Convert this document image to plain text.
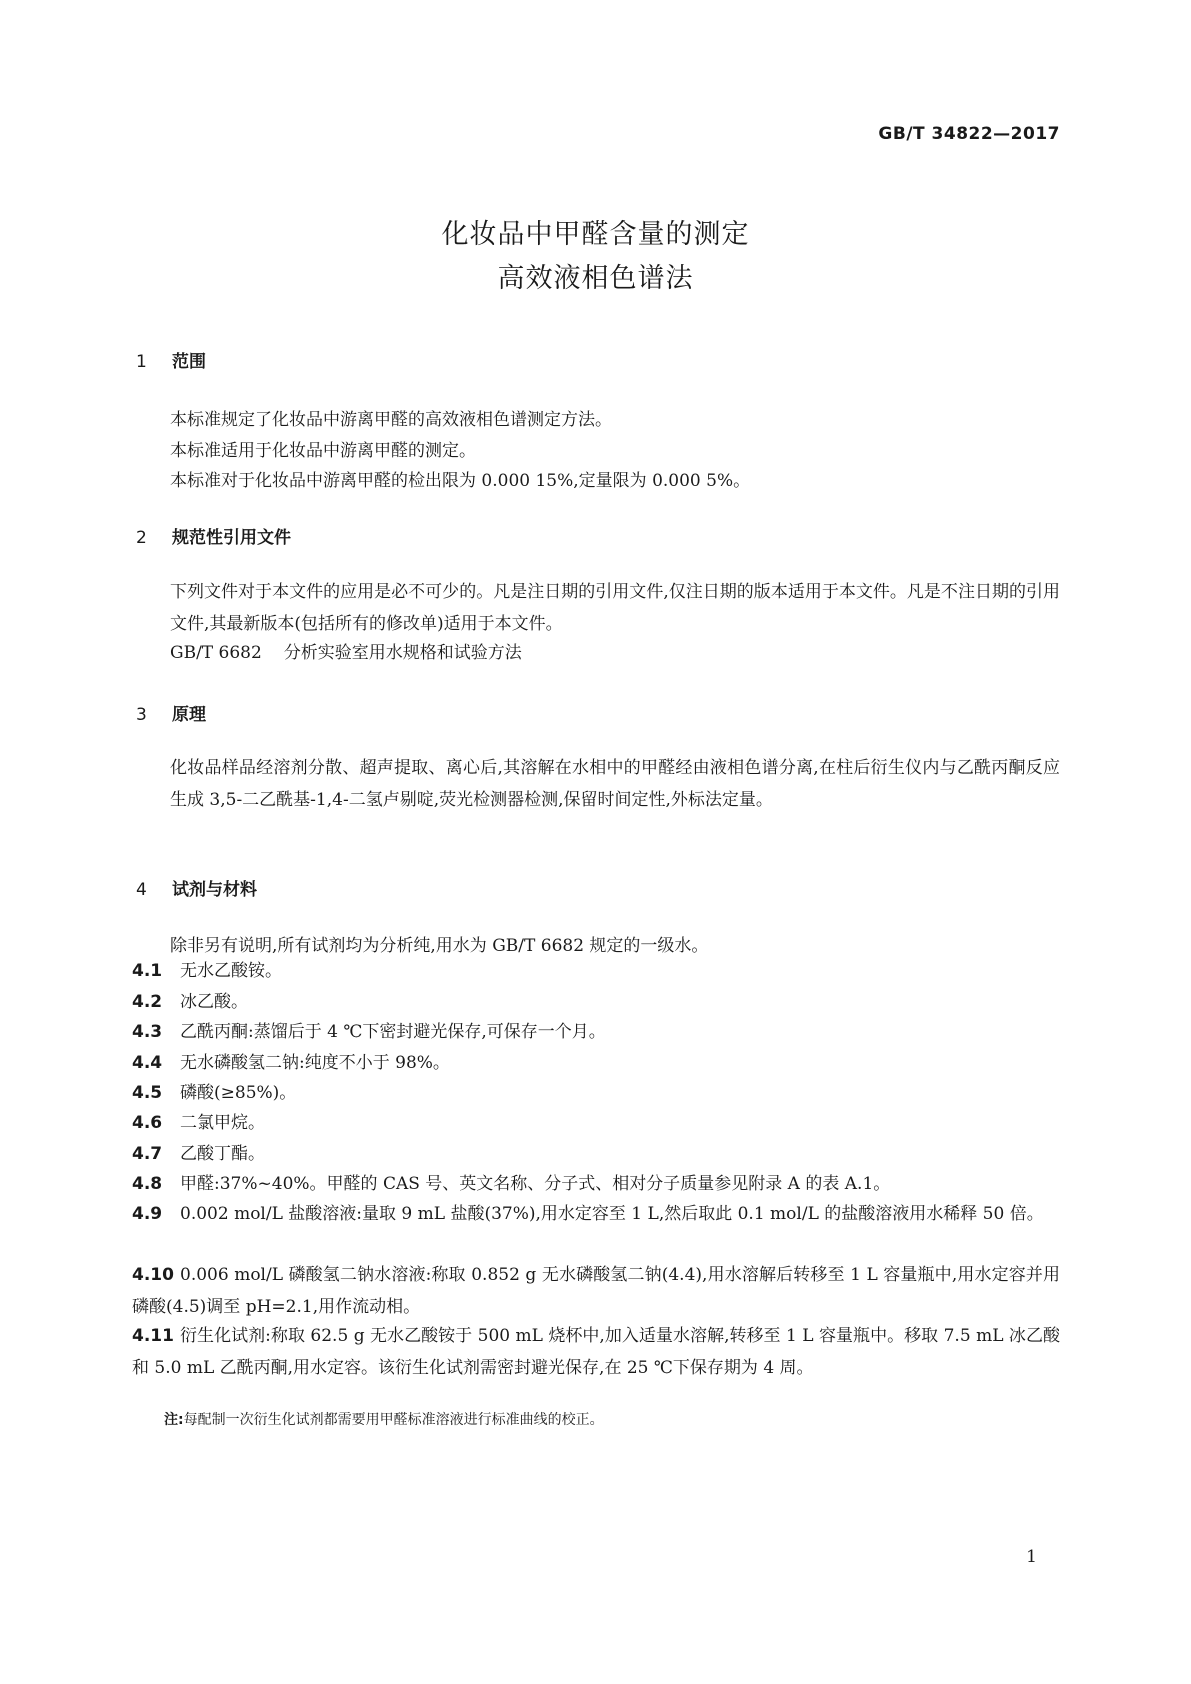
GB/T 34822—2017
化妆品中甲醛含量的测定
高效液相色谱法
1 范围
本标准规定了化妆品中游离甲醛的高效液相色谱测定方法。
本标准适用于化妆品中游离甲醛的测定。
本标准对于化妆品中游离甲醛的检出限为 0.000 15%,定量限为 0.000 5%。
2 规范性引用文件
下列文件对于本文件的应用是必不可少的。凡是注日期的引用文件,仅注日期的版本适用于本文件。凡是不注日期的引用文件,其最新版本(包括所有的修改单)适用于本文件。
GB/T 6682 分析实验室用水规格和试验方法
3 原理
化妆品样品经溶剂分散、超声提取、离心后,其溶解在水相中的甲醛经由液相色谱分离,在柱后衍生仪内与乙酰丙酮反应生成 3,5-二乙酰基-1,4-二氢卢剔啶,荧光检测器检测,保留时间定性,外标法定量。
4 试剂与材料
除非另有说明,所有试剂均为分析纯,用水为 GB/T 6682 规定的一级水。
4.1 无水乙酸铵。
4.2 冰乙酸。
4.3 乙酰丙酮:蒸馏后于 4 ℃下密封避光保存,可保存一个月。
4.4 无水磷酸氢二钠:纯度不小于 98%。
4.5 磷酸(≥85%)。
4.6 二氯甲烷。
4.7 乙酸丁酯。
4.8 甲醛:37%~40%。甲醛的 CAS 号、英文名称、分子式、相对分子质量参见附录 A 的表 A.1。
4.9 0.002 mol/L 盐酸溶液:量取 9 mL 盐酸(37%),用水定容至 1 L,然后取此 0.1 mol/L 的盐酸溶液用水稀释 50 倍。
4.10 0.006 mol/L 磷酸氢二钠水溶液:称取 0.852 g 无水磷酸氢二钠(4.4),用水溶解后转移至 1 L 容量瓶中,用水定容并用磷酸(4.5)调至 pH=2.1,用作流动相。
4.11 衍生化试剂:称取 62.5 g 无水乙酸铵于 500 mL 烧杯中,加入适量水溶解,转移至 1 L 容量瓶中。移取 7.5 mL 冰乙酸和 5.0 mL 乙酰丙酮,用水定容。该衍生化试剂需密封避光保存,在 25 ℃下保存期为 4 周。
注:每配制一次衍生化试剂都需要用甲醛标准溶液进行标准曲线的校正。
1
